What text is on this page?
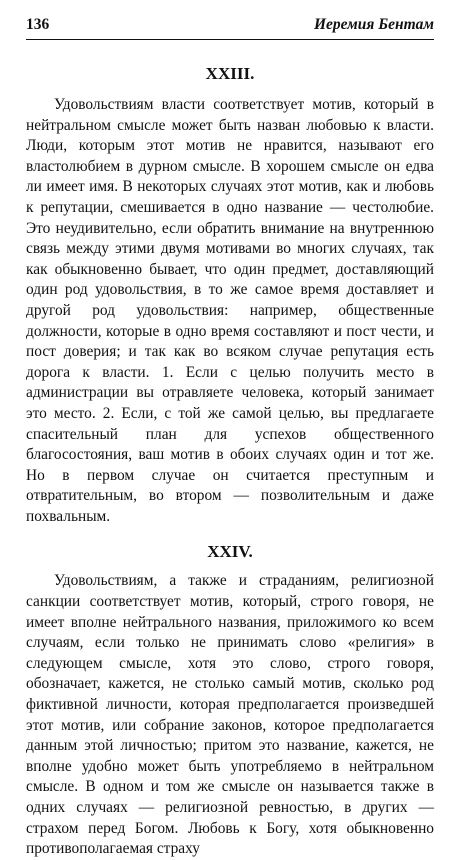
136	Иеремия Бентам
XXIII.

Удовольствиям власти соответствует мотив, который в нейтральном смысле может быть назван любовью к власти. Люди, которым этот мотив не нравится, называют его властолюбием в дурном смысле. В хорошем смысле он едва ли имеет имя. В некоторых случаях этот мотив, как и любовь к репутации, смешивается в одно название — честолюбие. Это неудивительно, если обратить внимание на внутреннюю связь между этими двумя мотивами во многих случаях, так как обыкновенно бывает, что один предмет, доставляющий один род удовольствия, в то же самое время доставляет и другой род удовольствия: например, общественные должности, которые в одно время составляют и пост чести, и пост доверия; и так как во всяком случае репутация есть дорога к власти. 1. Если с целью получить место в администрации вы отравляете человека, который занимает это место. 2. Если, с той же самой целью, вы предлагаете спасительный план для успехов общественного благосостояния, ваш мотив в обоих случаях один и тот же. Но в первом случае он считается преступным и отвратительным, во втором — позволительным и даже похвальным.

XXIV.

Удовольствиям, а также и страданиям, религиозной санкции соответствует мотив, который, строго говоря, не имеет вполне нейтрального названия, приложимого ко всем случаям, если только не принимать слово «религия» в следующем смысле, хотя это слово, строго говоря, обозначает, кажется, не столько самый мотив, сколько род фиктивной личности, которая предполагается произведшей этот мотив, или собрание законов, которое предполагается данным этой личностью; притом это название, кажется, не вполне удобно может быть употребляемо в нейтральном смысле. В одном и том же смысле он называется также в одних случаях — религиозной ревностью, в других — страхом перед Богом. Любовь к Богу, хотя обыкновенно противополагаемая страху
